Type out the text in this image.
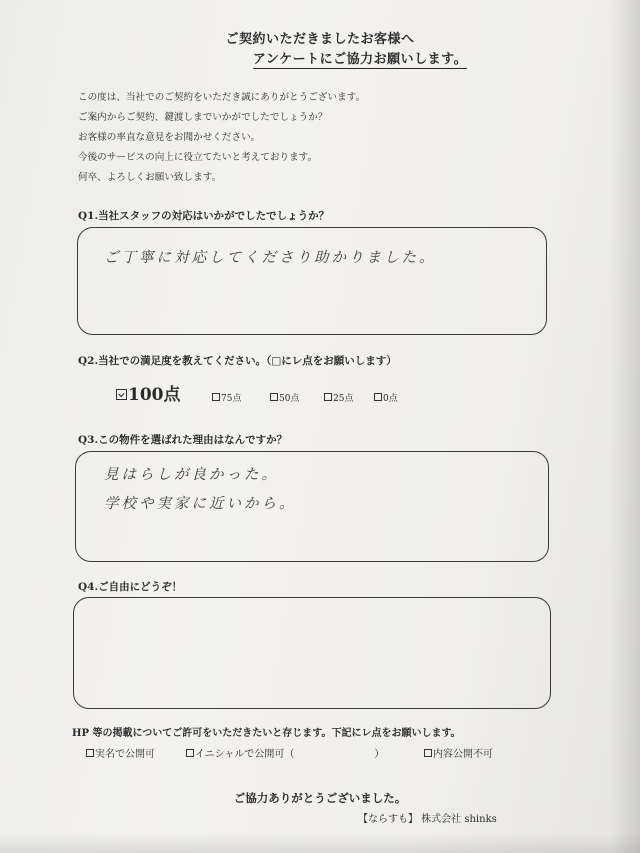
ご契約いただきましたお客様へ
アンケートにご協力お願いします。
この度は、当社でのご契約をいただき誠にありがとうございます。
ご案内からご契約、鍵渡しまでいかがでしたでしょうか？
お客様の率直な意見をお聞かせください。
今後のサービスの向上に役立てたいと考えております。
何卒、よろしくお願い致します。
Q1.当社スタッフの対応はいかがでしたでしょうか？
ご丁寧に対応してくださり助かりました。
Q2.当社での満足度を教えてください。（□にレ点をお願いします）
100点	75点	50点	25点	0点
Q3.この物件を選ばれた理由はなんですか？
見はらしが良かった。
学校や実家に近いから。
Q4.ご自由にどうぞ！
HP 等の掲載についてご許可をいただきたいと存じます。下記にレ点をお願いします。
実名で公開可	イニシャルで公開可（　　　　　　　　）	内容公開不可
ご協力ありがとうございました。
【ならすも】 株式会社 shinks
